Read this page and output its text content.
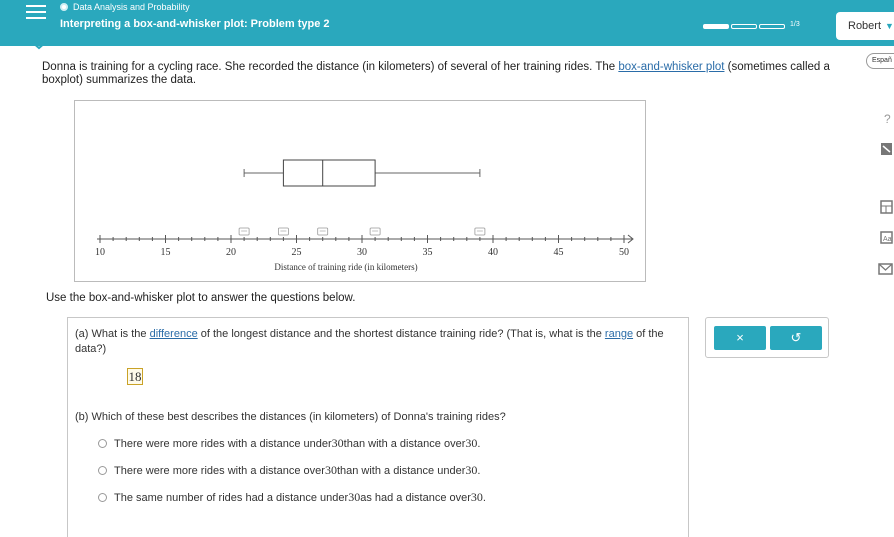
Data Analysis and Probability
Interpreting a box-and-whisker plot: Problem type 2	1/3	Robert ▼
Españ
Donna is training for a cycling race. She recorded the distance (in kilometers) of several of her training rides. The box-and-whisker plot (sometimes called a boxplot) summarizes the data.
10	15	20	25	30	35	40	45	50
Distance of training ride (in kilometers)
?
Aa
Use the box-and-whisker plot to answer the questions below.
(a) What is the difference of the longest distance and the shortest distance training ride? (That is, what is the range of the data?)
18
×	↺
(b) Which of these best describes the distances (in kilometers) of Donna's training rides?
There were more rides with a distance under 30 than with a distance over 30 .
There were more rides with a distance over 30 than with a distance under 30 .
The same number of rides had a distance under 30 as had a distance over 30 .
